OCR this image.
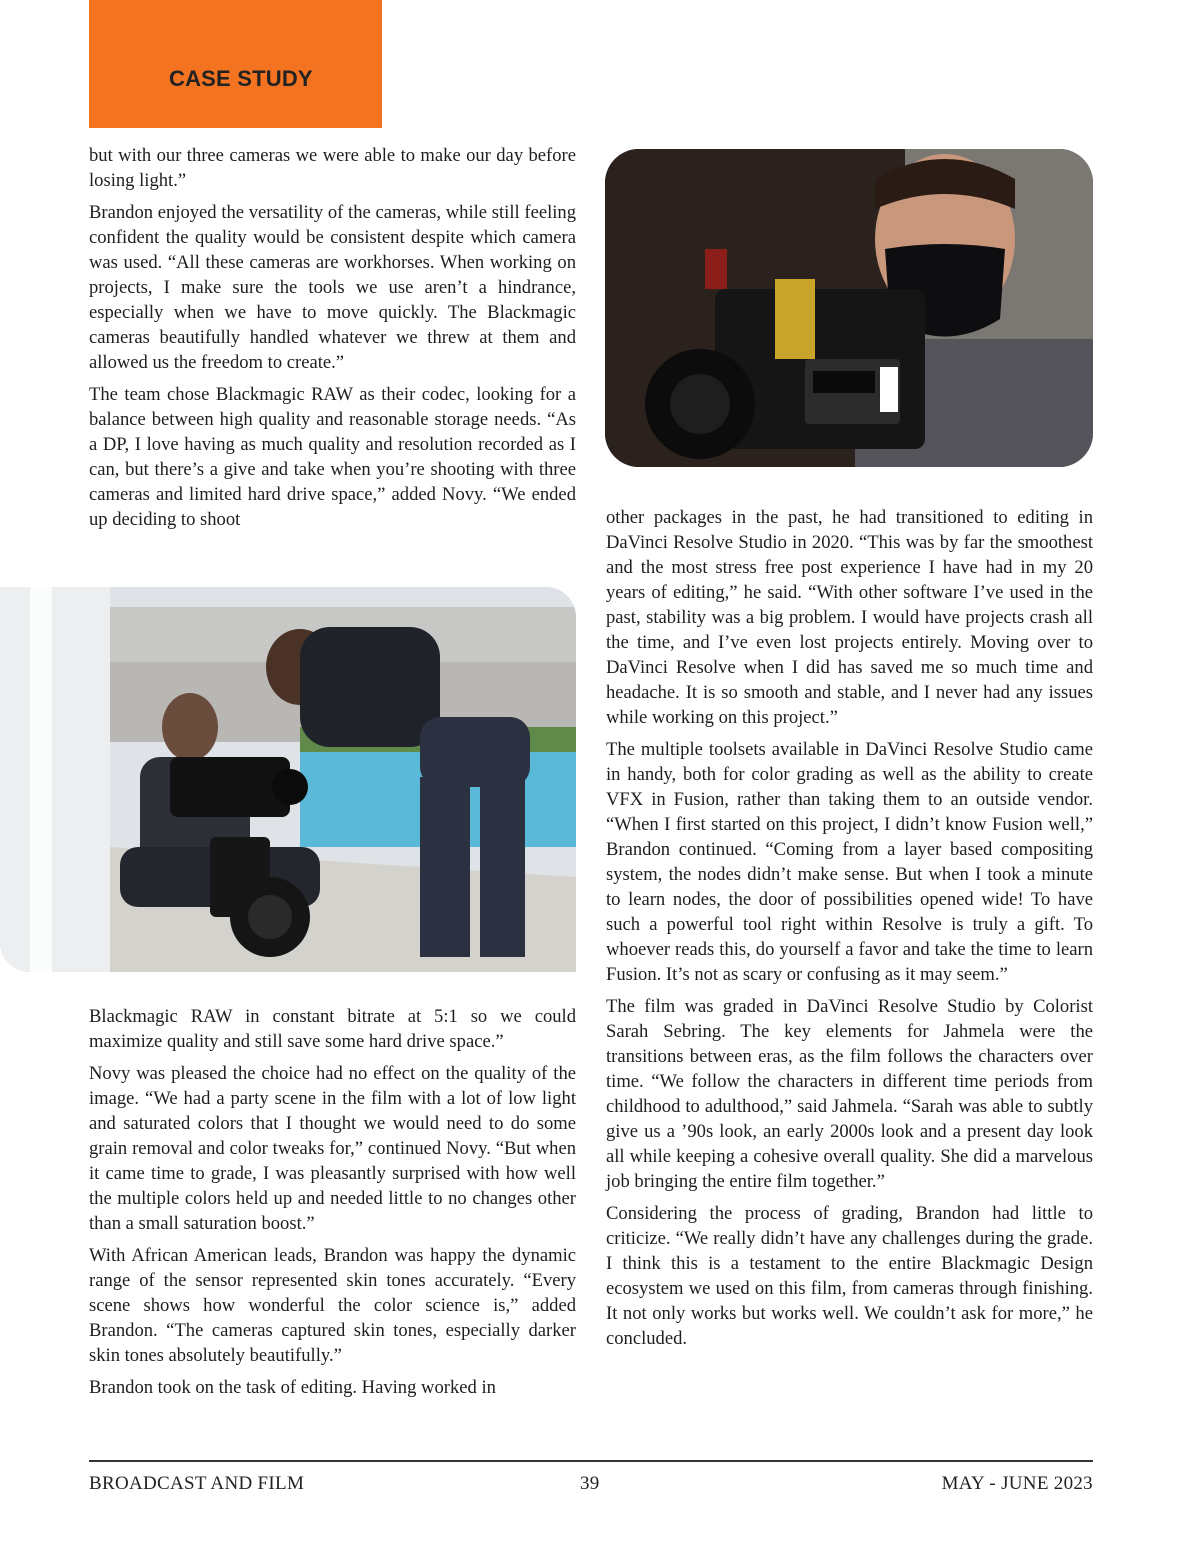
CASE STUDY

but with our three cameras we were able to make our day before losing light.”

Brandon enjoyed the versatility of the cameras, while still feeling confident the quality would be consistent despite which camera was used. “All these cameras are workhorses. When working on projects, I make sure the tools we use aren’t a hindrance, especially when we have to move quickly. The Blackmagic cameras beautifully handled whatever we threw at them and allowed us the freedom to create.”

The team chose Blackmagic RAW as their codec, looking for a balance between high quality and reasonable storage needs. “As a DP, I love having as much quality and resolution recorded as I can, but there’s a give and take when you’re shooting with three cameras and limited hard drive space,” added Novy. “We ended up deciding to shoot

Blackmagic RAW in constant bitrate at 5:1 so we could maximize quality and still save some hard drive space.”

Novy was pleased the choice had no effect on the quality of the image. “We had a party scene in the film with a lot of low light and saturated colors that I thought we would need to do some grain removal and color tweaks for,” continued Novy. “But when it came time to grade, I was pleasantly surprised with how well the multiple colors held up and needed little to no changes other than a small saturation boost.”

With African American leads, Brandon was happy the dynamic range of the sensor represented skin tones accurately. “Every scene shows how wonderful the color science is,” added Brandon. “The cameras captured skin tones, especially darker skin tones absolutely beautifully.”

Brandon took on the task of editing. Having worked in

other packages in the past, he had transitioned to editing in DaVinci Resolve Studio in 2020. “This was by far the smoothest and the most stress free post experience I have had in my 20 years of editing,” he said. “With other software I’ve used in the past, stability was a big problem. I would have projects crash all the time, and I’ve even lost projects entirely. Moving over to DaVinci Resolve when I did has saved me so much time and headache. It is so smooth and stable, and I never had any issues while working on this project.”

The multiple toolsets available in DaVinci Resolve Studio came in handy, both for color grading as well as the ability to create VFX in Fusion, rather than taking them to an outside vendor. “When I first started on this project, I didn’t know Fusion well,” Brandon continued. “Coming from a layer based compositing system, the nodes didn’t make sense. But when I took a minute to learn nodes, the door of possibilities opened wide! To have such a powerful tool right within Resolve is truly a gift. To whoever reads this, do yourself a favor and take the time to learn Fusion. It’s not as scary or confusing as it may seem.”

The film was graded in DaVinci Resolve Studio by Colorist Sarah Sebring. The key elements for Jahmela were the transitions between eras, as the film follows the characters over time. “We follow the characters in different time periods from childhood to adulthood,” said Jahmela. “Sarah was able to subtly give us a ’90s look, an early 2000s look and a present day look all while keeping a cohesive overall quality. She did a marvelous job bringing the entire film together.”

Considering the process of grading, Brandon had little to criticize. “We really didn’t have any challenges during the grade. I think this is a testament to the entire Blackmagic Design ecosystem we used on this film, from cameras through finishing. It not only works but works well. We couldn’t ask for more,” he concluded.

BROADCAST AND FILM	39	MAY - JUNE 2023
